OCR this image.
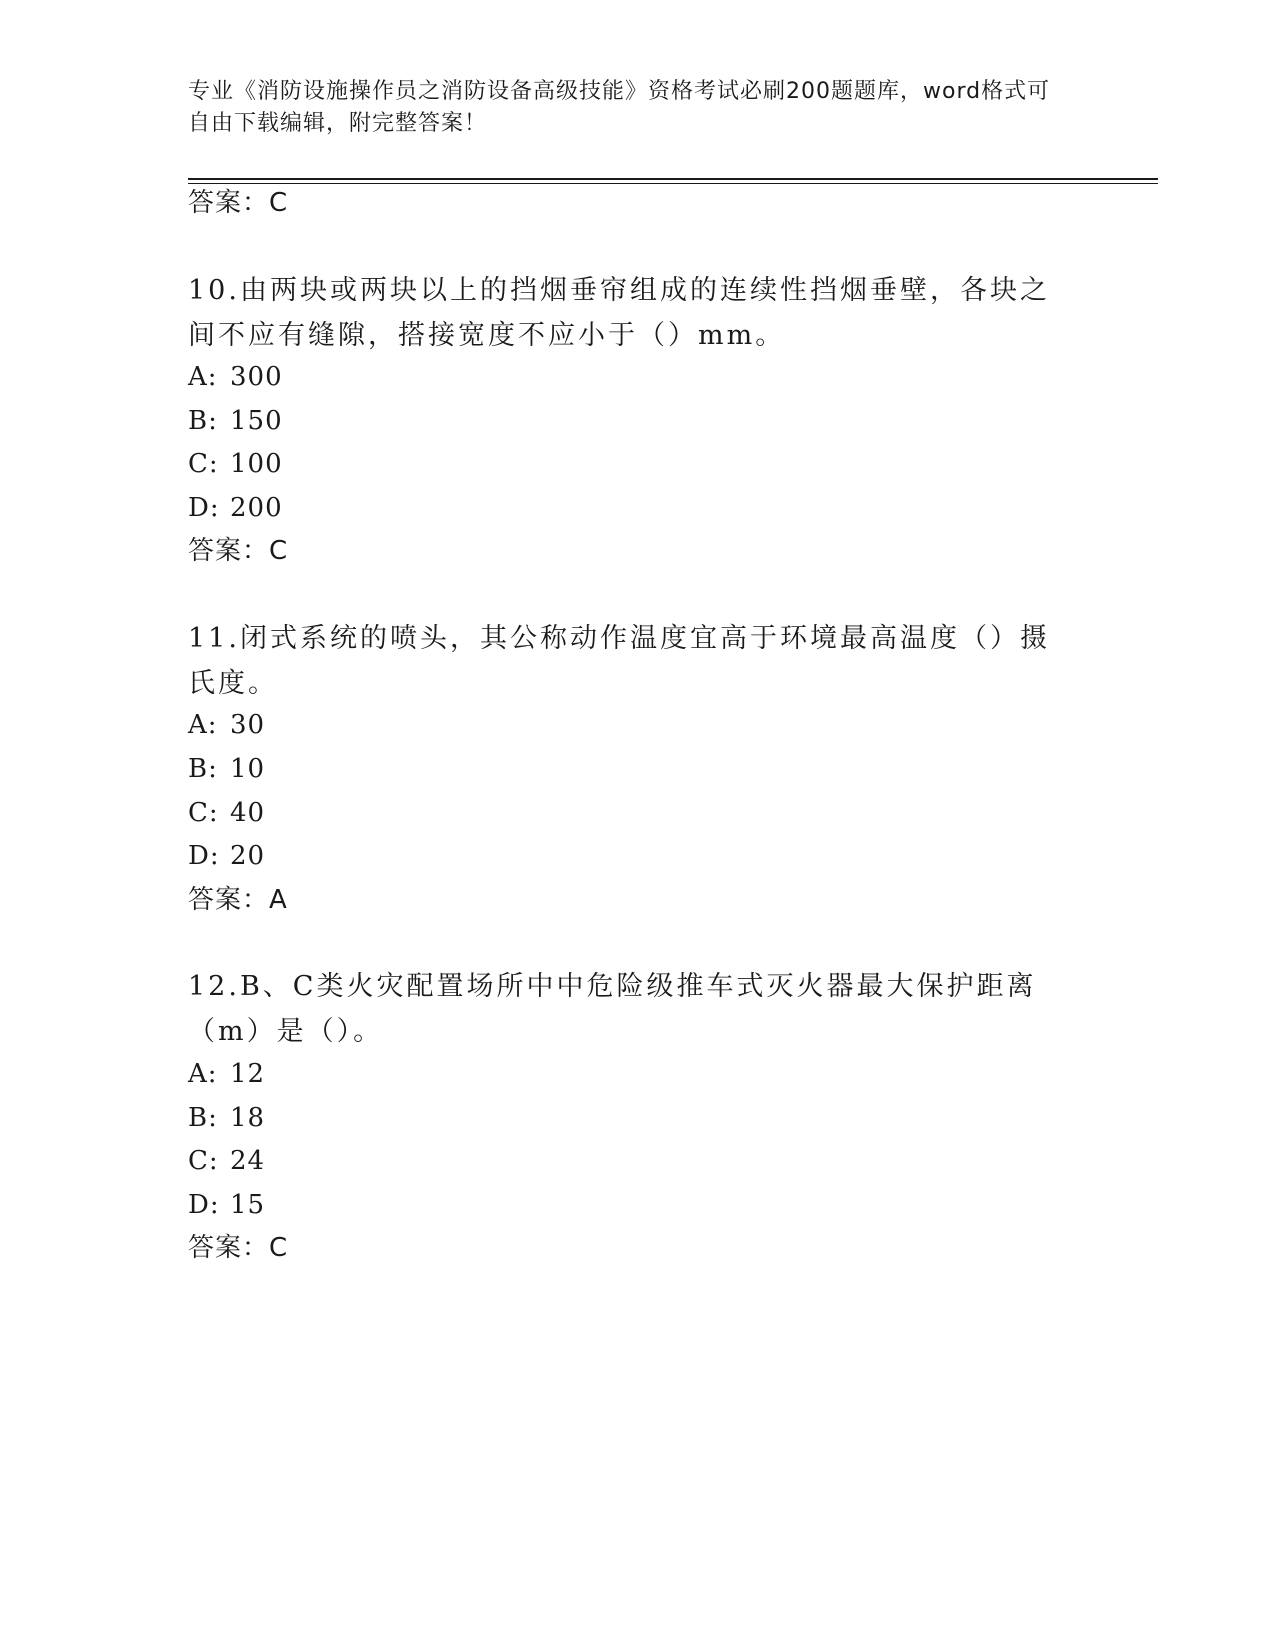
专业《消防设施操作员之消防设备高级技能》资格考试必刷200题题库，word格式可自由下载编辑，附完整答案！
答案：C
10.由两块或两块以上的挡烟垂帘组成的连续性挡烟垂壁，各块之间不应有缝隙，搭接宽度不应小于（）mm。
A: 300
B: 150
C: 100
D: 200
答案：C
11.闭式系统的喷头，其公称动作温度宜高于环境最高温度（）摄氏度。
A: 30
B: 10
C: 40
D: 20
答案：A
12.B、C类火灾配置场所中中危险级推车式灭火器最大保护距离（m）是（）。
A: 12
B: 18
C: 24
D: 15
答案：C
